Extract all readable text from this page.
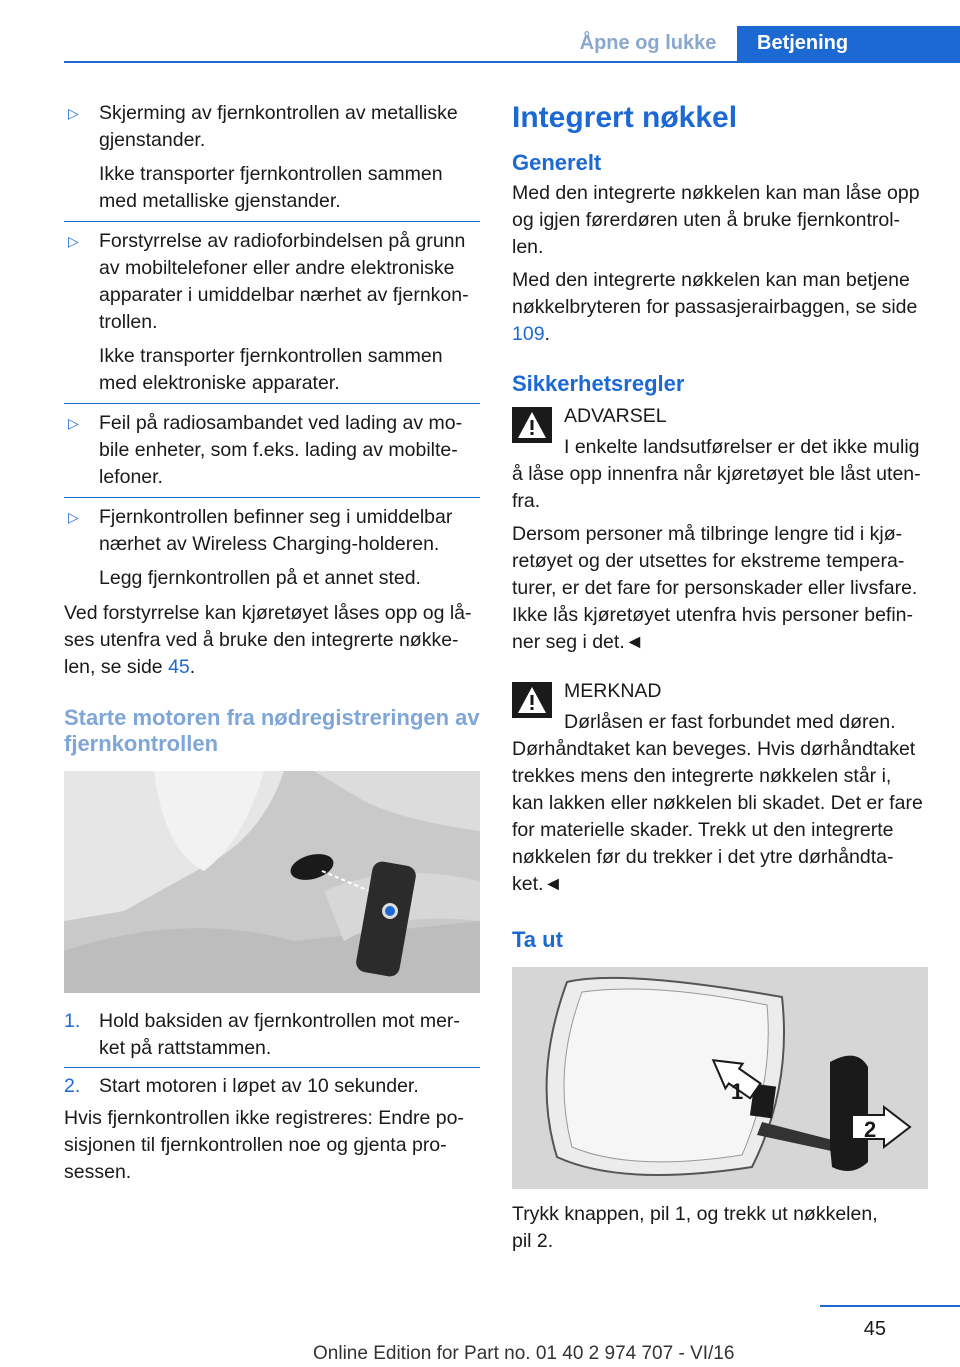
Åpne og lukke	Betjening
▷ Skjerming av fjernkontrollen av metalliske gjenstander.

Ikke transporter fjernkontrollen sammen med metalliske gjenstander.

▷ Forstyrrelse av radioforbindelsen på grunn av mobiltelefoner eller andre elektroniske apparater i umiddelbar nærhet av fjernkon‐trollen.

Ikke transporter fjernkontrollen sammen med elektroniske apparater.

▷ Feil på radiosambandet ved lading av mo‐bile enheter, som f.eks. lading av mobilte‐lefoner.

▷ Fjernkontrollen befinner seg i umiddelbar nærhet av Wireless Charging-holderen.

Legg fjernkontrollen på et annet sted.

Ved forstyrrelse kan kjøretøyet låses opp og lå‐ses utenfra ved å bruke den integrerte nøkke‐len, se side 45.

Starte motoren fra nødregistreringen av fjernkontrollen
1. Hold baksiden av fjernkontrollen mot mer‐ket på rattstammen.
2. Start motoren i løpet av 10 sekunder.

Hvis fjernkontrollen ikke registreres: Endre po‐sisjonen til fjernkontrollen noe og gjenta pro‐sessen.

Integrert nøkkel
Generelt

Med den integrerte nøkkelen kan man låse opp og igjen førerdøren uten å bruke fjernkontrol‐len.

Med den integrerte nøkkelen kan man betjene nøkkelbryteren for passasjerairbaggen, se side 109.

Sikkerhetsregler

ADVARSEL

I enkelte landsutførelser er det ikke mulig å låse opp innenfra når kjøretøyet ble låst uten‐fra.

Dersom personer må tilbringe lengre tid i kjø‐retøyet og der utsettes for ekstreme tempera‐turer, er det fare for personskader eller livsfare. Ikke lås kjøretøyet utenfra hvis personer befin‐ner seg i det.◄

MERKNAD

Dørlåsen er fast forbundet med døren. Dørhåndtaket kan beveges. Hvis dørhåndtaket trekkes mens den integrerte nøkkelen står i, kan lakken eller nøkkelen bli skadet. Det er fare for materielle skader. Trekk ut den integrerte nøkkelen før du trekker i det ytre dørhåndta‐ket.◄

Ta ut
1
2

Trykk knappen, pil 1, og trekk ut nøkkelen, pil 2.

45
Online Edition for Part no. 01 40 2 974 707 - VI/16
